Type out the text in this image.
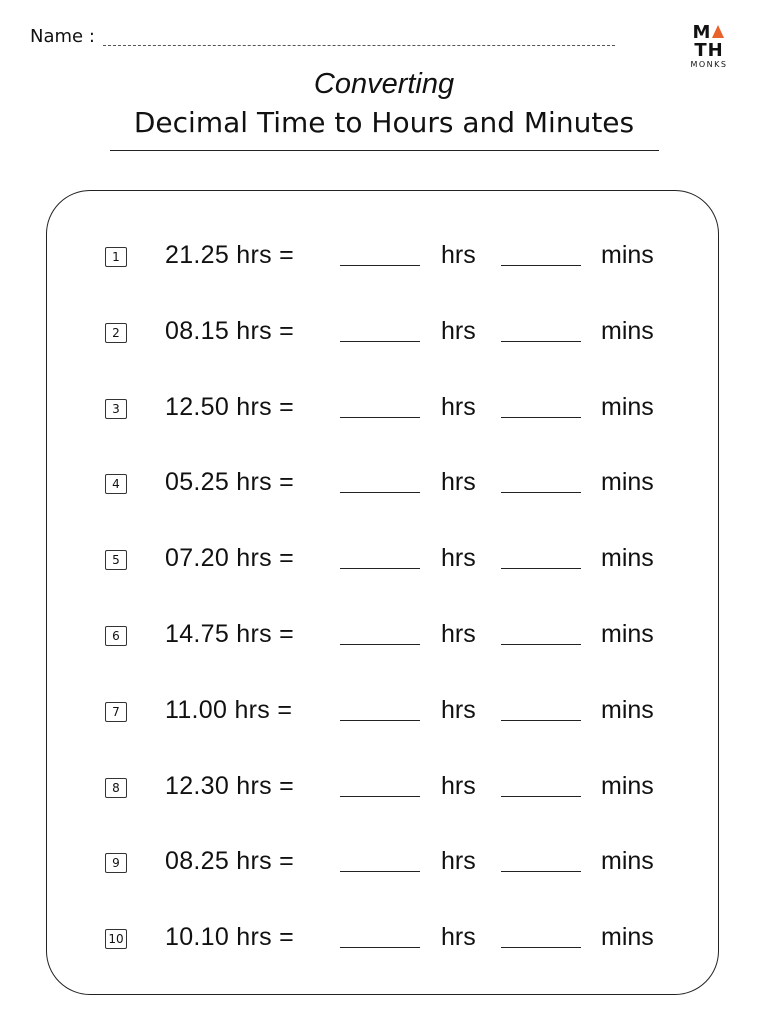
Name :	MTH
MONKS
Converting
Decimal Time to Hours and Minutes
1 21.25 hrs =	hrs	mins
2 08.15 hrs =	hrs	mins
3 12.50 hrs =	hrs	mins
4 05.25 hrs =	hrs	mins
5 07.20 hrs =	hrs	mins
6 14.75 hrs =	hrs	mins
7 11.00 hrs =	hrs	mins
8 12.30 hrs =	hrs	mins
9 08.25 hrs =	hrs	mins
10 10.10 hrs =	hrs	mins
